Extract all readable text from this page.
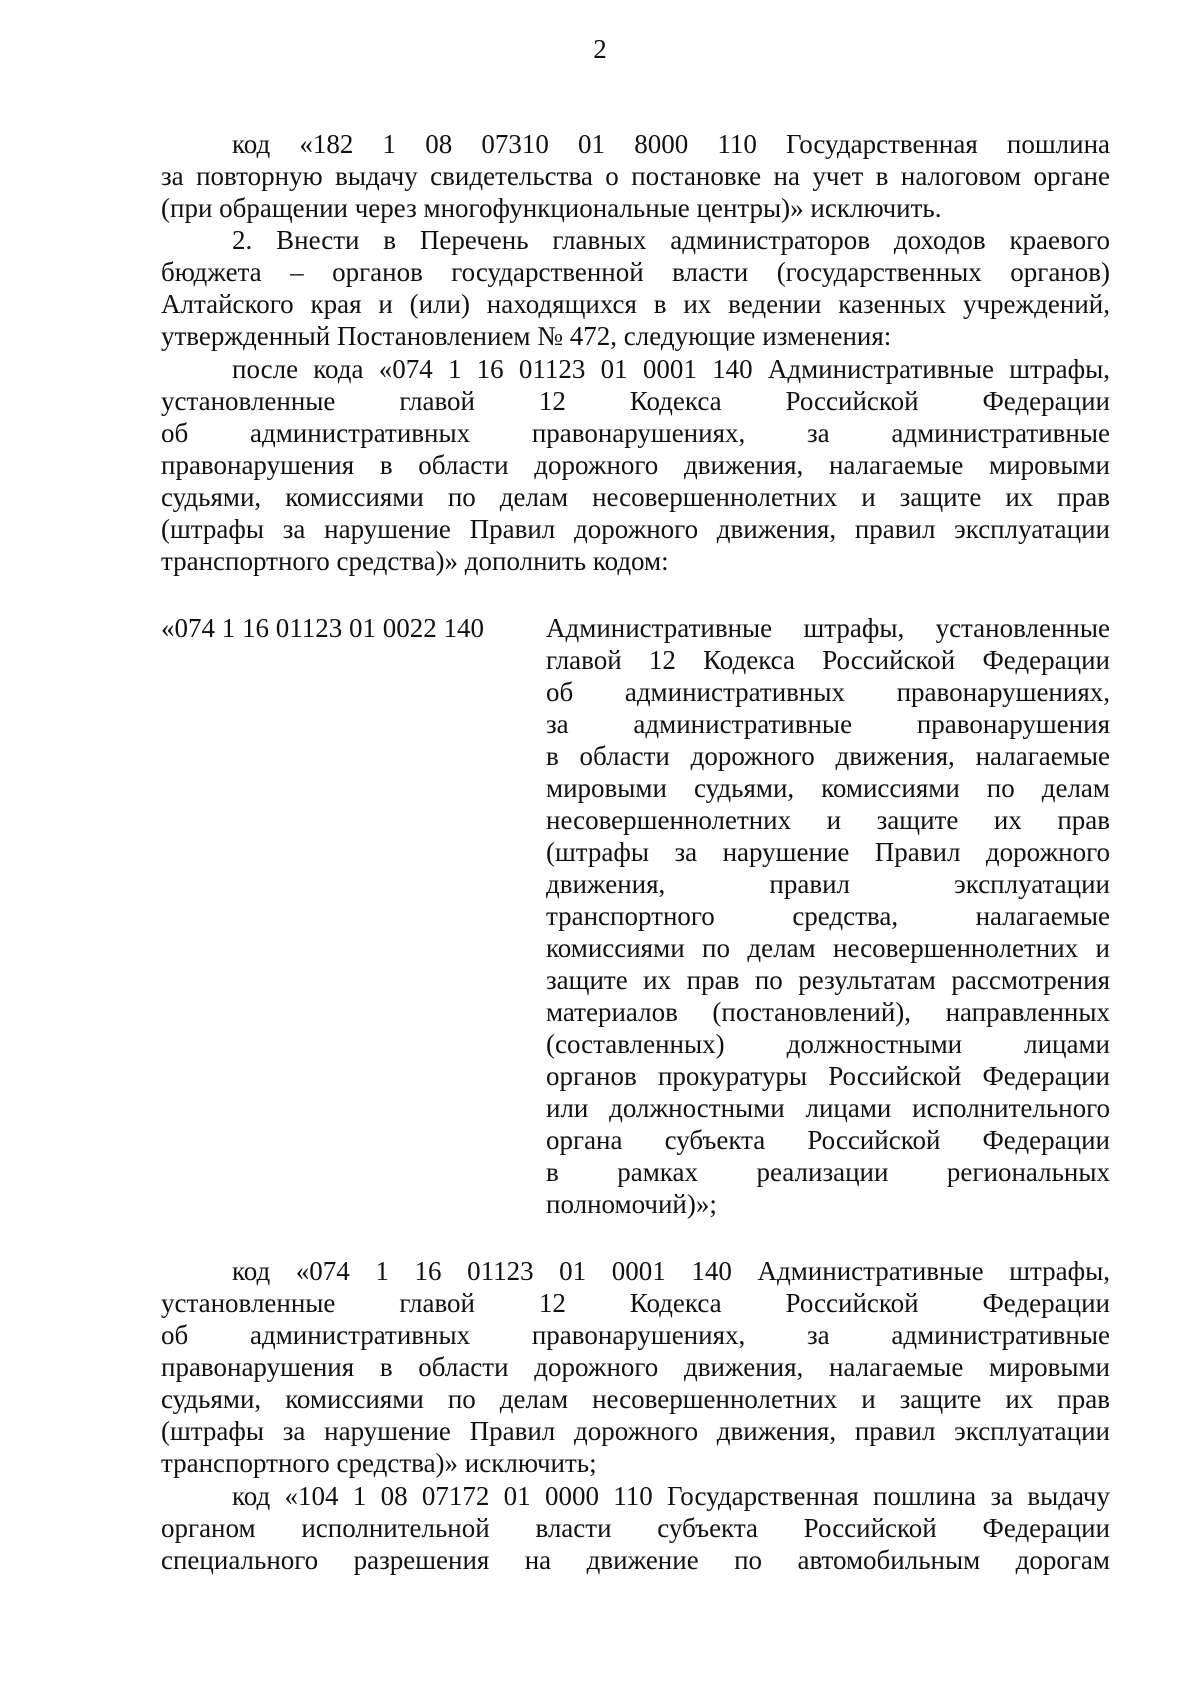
2
код «182 1 08 07310 01 8000 110 Государственная пошлина
за повторную выдачу свидетельства о постановке на учет в налоговом органе
(при обращении через многофункциональные центры)» исключить.
2. Внести в Перечень главных администраторов доходов краевого
бюджета – органов государственной власти (государственных органов)
Алтайского края и (или) находящихся в их ведении казенных учреждений,
утвержденный Постановлением № 472, следующие изменения:
после кода «074 1 16 01123 01 0001 140 Административные штрафы,
установленные главой 12 Кодекса Российской Федерации
об административных правонарушениях, за административные
правонарушения в области дорожного движения, налагаемые мировыми
судьями, комиссиями по делам несовершеннолетних и защите их прав
(штрафы за нарушение Правил дорожного движения, правил эксплуатации
транспортного средства)» дополнить кодом:
«074 1 16 01123 01 0022 140 Административные штрафы, установленные
главой 12 Кодекса Российской Федерации
об административных правонарушениях,
за административные правонарушения
в области дорожного движения, налагаемые
мировыми судьями, комиссиями по делам
несовершеннолетних и защите их прав
(штрафы за нарушение Правил дорожного
движения, правил эксплуатации
транспортного средства, налагаемые
комиссиями по делам несовершеннолетних и
защите их прав по результатам рассмотрения
материалов (постановлений), направленных
(составленных) должностными лицами
органов прокуратуры Российской Федерации
или должностными лицами исполнительного
органа субъекта Российской Федерации
в рамках реализации региональных
полномочий)»;
код «074 1 16 01123 01 0001 140 Административные штрафы,
установленные главой 12 Кодекса Российской Федерации
об административных правонарушениях, за административные
правонарушения в области дорожного движения, налагаемые мировыми
судьями, комиссиями по делам несовершеннолетних и защите их прав
(штрафы за нарушение Правил дорожного движения, правил эксплуатации
транспортного средства)» исключить;
код «104 1 08 07172 01 0000 110 Государственная пошлина за выдачу
органом исполнительной власти субъекта Российской Федерации
специального разрешения на движение по автомобильным дорогам
